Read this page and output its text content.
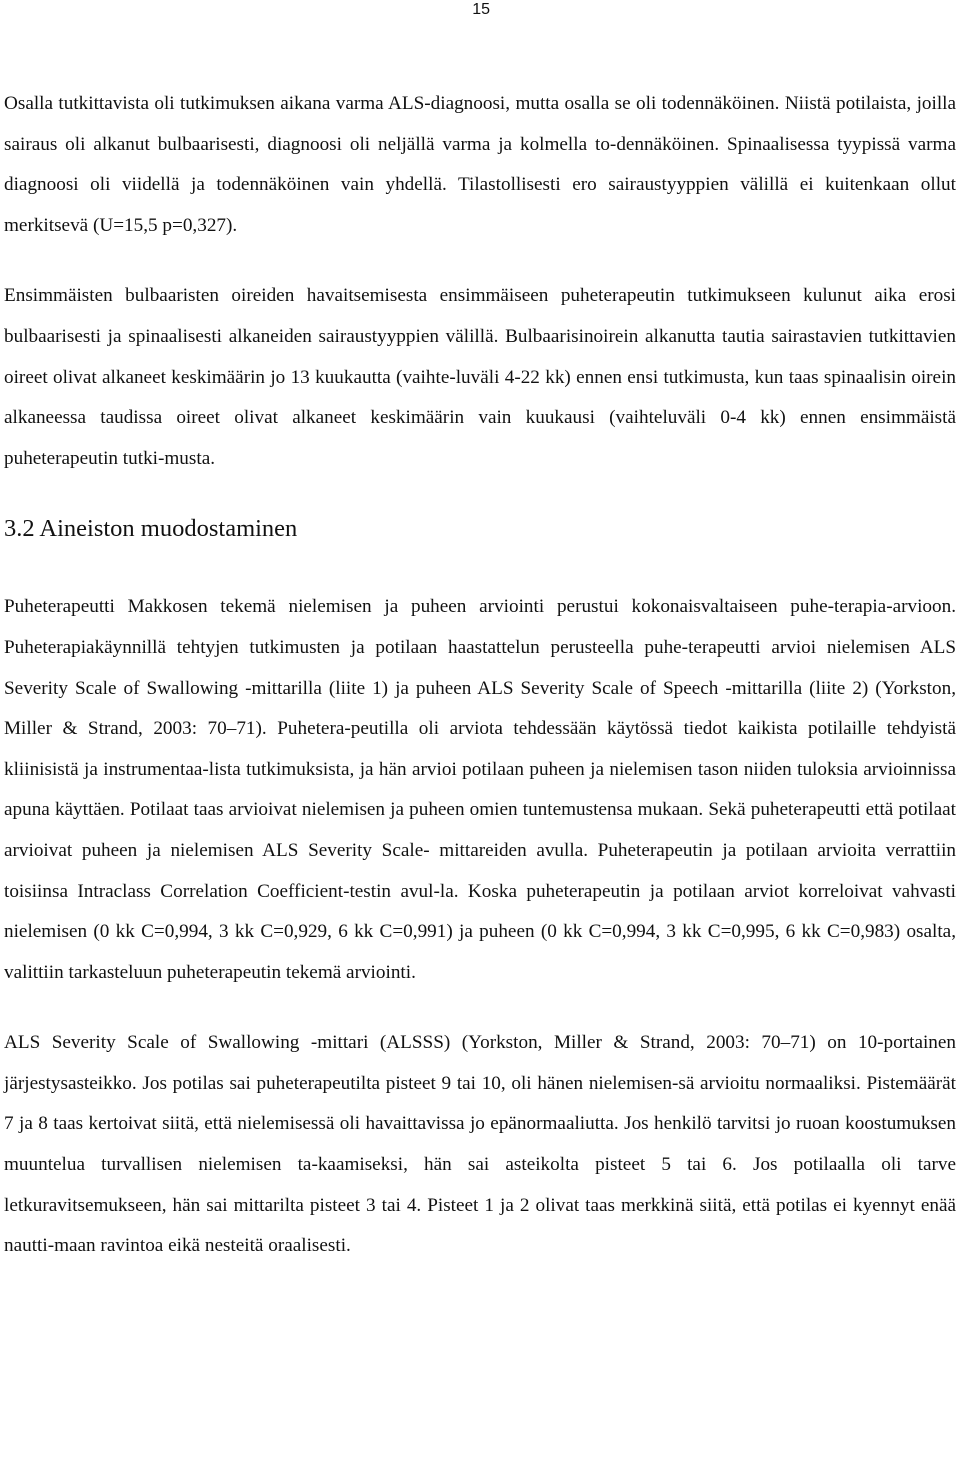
15

Osalla tutkittavista oli tutkimuksen aikana varma ALS-diagnoosi, mutta osalla se oli todennäköinen. Niistä potilaista, joilla sairaus oli alkanut bulbaarisesti, diagnoosi oli neljällä varma ja kolmella to-dennäköinen. Spinaalisessa tyypissä varma diagnoosi oli viidellä ja todennäköinen vain yhdellä. Tilastollisesti ero sairaustyyppien välillä ei kuitenkaan ollut merkitsevä (U=15,5 p=0,327).

Ensimmäisten bulbaaristen oireiden havaitsemisesta ensimmäiseen puheterapeutin tutkimukseen kulunut aika erosi bulbaarisesti ja spinaalisesti alkaneiden sairaustyyppien välillä. Bulbaarisinoirein alkanutta tautia sairastavien tutkittavien oireet olivat alkaneet keskimäärin jo 13 kuukautta (vaihte-luväli 4-22 kk) ennen ensi tutkimusta, kun taas spinaalisin oirein alkaneessa taudissa oireet olivat alkaneet keskimäärin vain kuukausi (vaihteluväli 0-4 kk) ennen ensimmäistä puheterapeutin tutki-musta.

3.2 Aineiston muodostaminen

Puheterapeutti Makkosen tekemä nielemisen ja puheen arviointi perustui kokonaisvaltaiseen puhe-terapia-arvioon. Puheterapiakäynnillä tehtyjen tutkimusten ja potilaan haastattelun perusteella puhe-terapeutti arvioi nielemisen ALS Severity Scale of Swallowing -mittarilla (liite 1) ja puheen ALS Severity Scale of Speech -mittarilla (liite 2) (Yorkston, Miller & Strand, 2003: 70–71). Puhetera-peutilla oli arviota tehdessään käytössä tiedot kaikista potilaille tehdyistä kliinisistä ja instrumentaa-lista tutkimuksista, ja hän arvioi potilaan puheen ja nielemisen tason niiden tuloksia arvioinnissa apuna käyttäen. Potilaat taas arvioivat nielemisen ja puheen omien tuntemustensa mukaan. Sekä puheterapeutti että potilaat arvioivat puheen ja nielemisen ALS Severity Scale- mittareiden avulla. Puheterapeutin ja potilaan arvioita verrattiin toisiinsa Intraclass Correlation Coefficient-testin avul-la. Koska puheterapeutin ja potilaan arviot korreloivat vahvasti nielemisen (0 kk C=0,994, 3 kk C=0,929, 6 kk C=0,991) ja puheen (0 kk C=0,994, 3 kk C=0,995, 6 kk C=0,983) osalta, valittiin tarkasteluun puheterapeutin tekemä arviointi.

ALS Severity Scale of Swallowing -mittari (ALSSS) (Yorkston, Miller & Strand, 2003: 70–71) on 10-portainen järjestysasteikko. Jos potilas sai puheterapeutilta pisteet 9 tai 10, oli hänen nielemisen-sä arvioitu normaaliksi. Pistemäärät 7 ja 8 taas kertoivat siitä, että nielemisessä oli havaittavissa jo epänormaaliutta. Jos henkilö tarvitsi jo ruoan koostumuksen muuntelua turvallisen nielemisen ta-kaamiseksi, hän sai asteikolta pisteet 5 tai 6. Jos potilaalla oli tarve letkuravitsemukseen, hän sai mittarilta pisteet 3 tai 4. Pisteet 1 ja 2 olivat taas merkkinä siitä, että potilas ei kyennyt enää nautti-maan ravintoa eikä nesteitä oraalisesti.
